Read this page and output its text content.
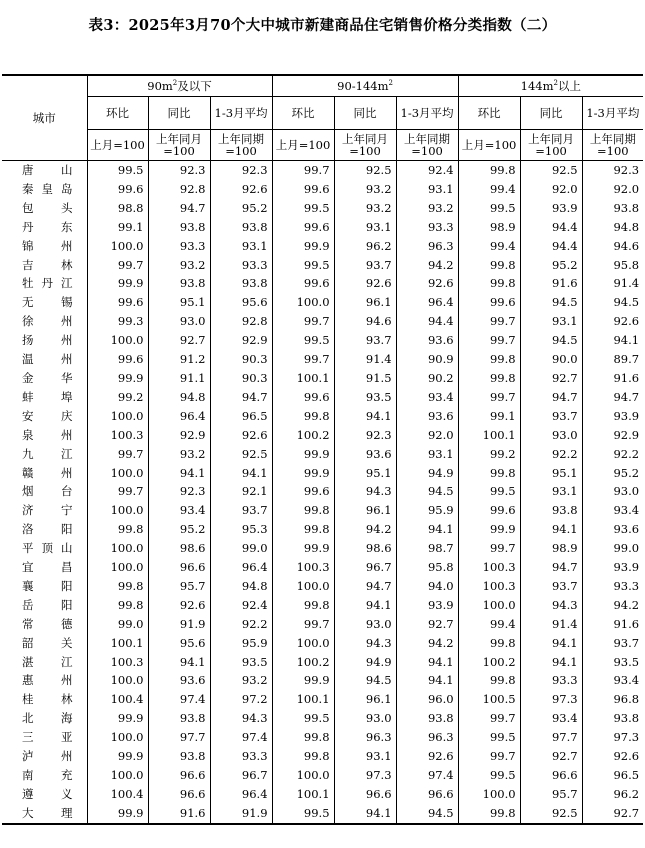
表3：2025年3月70个大中城市新建商品住宅销售价格分类指数（二）
城市	$90m^2$及以下			$90-144m^2$			$144m^2$以上		
	环比	同比	1-3月平均	环比	同比	1-3月平均	环比	同比	1-3月平均
	上月=100	上年同月=100	上年同期=100	上月=100	上年同月=100	上年同期=100	上月=100	上年同月=100	上年同期=100
唐山	99.5	92.3	92.3	99.7	92.5	92.4	99.8	92.5	92.3
秦皇岛	99.6	92.8	92.6	99.6	93.2	93.1	99.4	92.0	92.0
包头	98.8	94.7	95.2	99.5	93.2	93.2	99.5	93.9	93.8
丹东	99.1	93.8	93.8	99.6	93.1	93.3	98.9	94.4	94.8
锦州	100.0	93.3	93.1	99.9	96.2	96.3	99.4	94.4	94.6
吉林	99.7	93.2	93.3	99.5	93.7	94.2	99.8	95.2	95.8
牡丹江	99.9	93.8	93.8	99.6	92.6	92.6	99.8	91.6	91.4
无锡	99.6	95.1	95.6	100.0	96.1	96.4	99.6	94.5	94.5
徐州	99.3	93.0	92.8	99.7	94.6	94.4	99.7	93.1	92.6
扬州	100.0	92.7	92.9	99.5	93.7	93.6	99.7	94.5	94.1
温州	99.6	91.2	90.3	99.7	91.4	90.9	99.8	90.0	89.7
金华	99.9	91.1	90.3	100.1	91.5	90.2	99.8	92.7	91.6
蚌埠	99.2	94.8	94.7	99.6	93.5	93.4	99.7	94.7	94.7
安庆	100.0	96.4	96.5	99.8	94.1	93.6	99.1	93.7	93.9
泉州	100.3	92.9	92.6	100.2	92.3	92.0	100.1	93.0	92.9
九江	99.7	93.2	92.5	99.9	93.6	93.1	99.2	92.2	92.2
赣州	100.0	94.1	94.1	99.9	95.1	94.9	99.8	95.1	95.2
烟台	99.7	92.3	92.1	99.6	94.3	94.5	99.5	93.1	93.0
济宁	100.0	93.4	93.7	99.8	96.1	95.9	99.6	93.8	93.4
洛阳	99.8	95.2	95.3	99.8	94.2	94.1	99.9	94.1	93.6
平顶山	100.0	98.6	99.0	99.9	98.6	98.7	99.7	98.9	99.0
宜昌	100.0	96.6	96.4	100.3	96.7	95.8	100.3	94.7	93.9
襄阳	99.8	95.7	94.8	100.0	94.7	94.0	100.3	93.7	93.3
岳阳	99.8	92.6	92.4	99.8	94.1	93.9	100.0	94.3	94.2
常德	99.0	91.9	92.2	99.7	93.0	92.7	99.4	91.4	91.6
韶关	100.1	95.6	95.9	100.0	94.3	94.2	99.8	94.1	93.7
湛江	100.3	94.1	93.5	100.2	94.9	94.1	100.2	94.1	93.5
惠州	100.0	93.6	93.2	99.9	94.5	94.1	99.8	93.3	93.4
桂林	100.4	97.4	97.2	100.1	96.1	96.0	100.5	97.3	96.8
北海	99.9	93.8	94.3	99.5	93.0	93.8	99.7	93.4	93.8
三亚	100.0	97.7	97.4	99.8	96.3	96.3	99.5	97.7	97.3
泸州	99.9	93.8	93.3	99.8	93.1	92.6	99.7	92.7	92.6
南充	100.0	96.6	96.7	100.0	97.3	97.4	99.5	96.6	96.5
遵义	100.4	96.6	96.4	100.1	96.6	96.6	100.0	95.7	96.2
大理	99.9	91.6	91.9	99.5	94.1	94.5	99.8	92.5	92.7
